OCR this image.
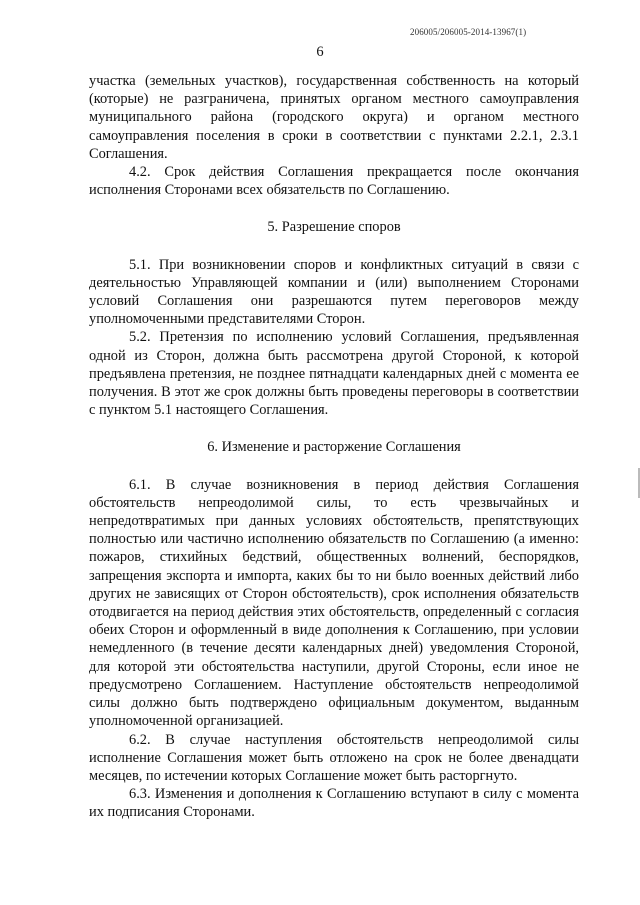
206005/206005-2014-13967(1)
6

участка (земельных участков), государственная собственность на который (которые) не разграничена, принятых органом местного самоуправления муниципального района (городского округа) и органом местного самоуправления поселения в сроки в соответствии с пунктами 2.2.1, 2.3.1 Соглашения.

4.2. Срок действия Соглашения прекращается после окончания исполнения Сторонами всех обязательств по Соглашению.

5. Разрешение споров

5.1. При возникновении споров и конфликтных ситуаций в связи с деятельностью Управляющей компании и (или) выполнением Сторонами условий Соглашения они разрешаются путем переговоров между уполномоченными представителями Сторон.

5.2. Претензия по исполнению условий Соглашения, предъявленная одной из Сторон, должна быть рассмотрена другой Стороной, к которой предъявлена претензия, не позднее пятнадцати календарных дней с момента ее получения. В этот же срок должны быть проведены переговоры в соответствии с пунктом 5.1 настоящего Соглашения.

6. Изменение и расторжение Соглашения

6.1. В случае возникновения в период действия Соглашения обстоятельств непреодолимой силы, то есть чрезвычайных и непредотвратимых при данных условиях обстоятельств, препятствующих полностью или частично исполнению обязательств по Соглашению (а именно: пожаров, стихийных бедствий, общественных волнений, беспорядков, запрещения экспорта и импорта, каких бы то ни было военных действий либо других не зависящих от Сторон обстоятельств), срок исполнения обязательств отодвигается на период действия этих обстоятельств, определенный с согласия обеих Сторон и оформленный в виде дополнения к Соглашению, при условии немедленного (в течение десяти календарных дней) уведомления Стороной, для которой эти обстоятельства наступили, другой Стороны, если иное не предусмотрено Соглашением. Наступление обстоятельств непреодолимой силы должно быть подтверждено официальным документом, выданным уполномоченной организацией.

6.2. В случае наступления обстоятельств непреодолимой силы исполнение Соглашения может быть отложено на срок не более двенадцати месяцев, по истечении которых Соглашение может быть расторгнуто.

6.3. Изменения и дополнения к Соглашению вступают в силу с момента их подписания Сторонами.
